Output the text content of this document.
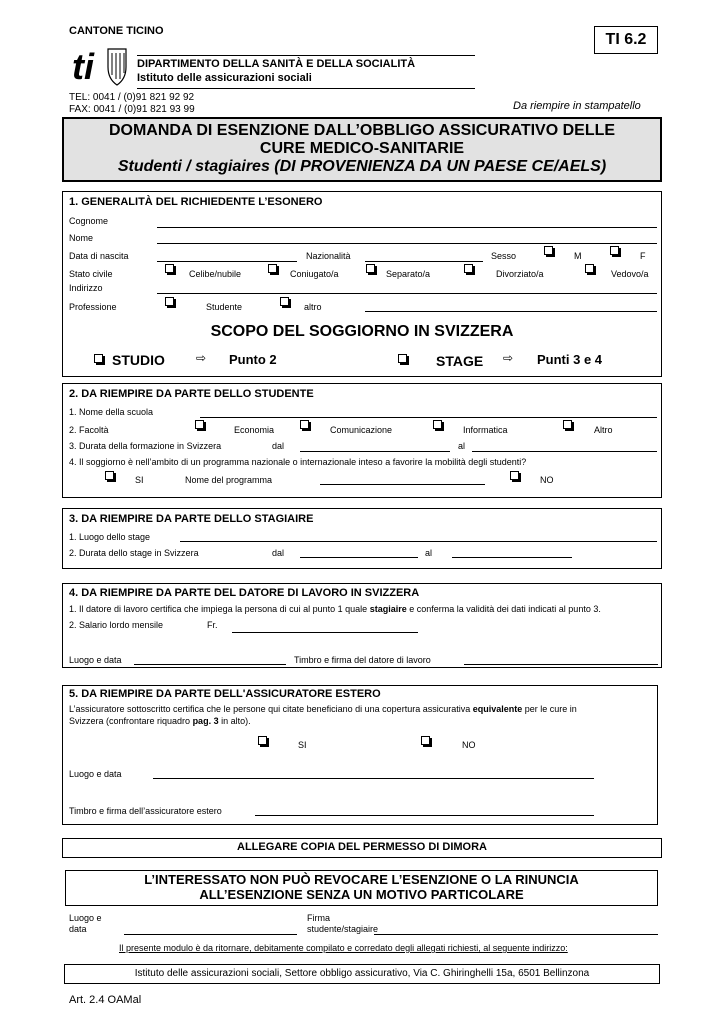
CANTONE TICINO	TI 6.2
ti	DIPARTIMENTO DELLA SANITÀ E DELLA SOCIALITÀ
Istituto delle assicurazioni sociali
TEL: 0041 / (0)91 821 92 92
FAX: 0041 / (0)91 821 93 99	Da riempire in stampatello
DOMANDA DI ESENZIONE DALL’OBBLIGO ASSICURATIVO DELLE
CURE MEDICO-SANITARIE
Studenti / stagiaires (DI PROVENIENZA DA UN PAESE CE/AELS)
1. GENERALITÀ DEL RICHIEDENTE L’ESONERO
Cognome
Nome
Data di nascita	Nazionalità	Sesso	M	F
Stato civile	Celibe/nubile	Coniugato/a	Separato/a	Divorziato/a	Vedovo/a
Indirizzo
Professione	Studente	altro
SCOPO DEL SOGGIORNO IN SVIZZERA
STUDIO	⇨ Punto 2	STAGE ⇨ Punti 3 e 4
2. DA RIEMPIRE DA PARTE DELLO STUDENTE
1. Nome della scuola
2. Facoltà	Economia	Comunicazione	Informatica	Altro
3. Durata della formazione in Svizzera	dal	al
4. Il soggiorno è nell’ambito di un programma nazionale o internazionale inteso a favorire la mobilità degli studenti?
SI	Nome del programma	NO
3. DA RIEMPIRE DA PARTE DELLO STAGIAIRE
1. Luogo dello stage
2. Durata dello stage in Svizzera	dal	al
4. DA RIEMPIRE DA PARTE DEL DATORE DI LAVORO IN SVIZZERA
1. Il datore di lavoro certifica che impiega la persona di cui al punto 1 quale stagiaire e conferma la validità dei dati indicati al punto 3.
2. Salario lordo mensile	Fr.
Luogo e data	Timbro e firma del datore di lavoro
5. DA RIEMPIRE DA PARTE DELL'ASSICURATORE ESTERO
L’assicuratore sottoscritto certifica che le persone qui citate beneficiano di una copertura assicurativa equivalente per le cure in
Svizzera (confrontare riquadro pag. 3 in alto).
SI	NO
Luogo e data
Timbro e firma dell’assicuratore estero
ALLEGARE COPIA DEL PERMESSO DI DIMORA
L’INTERESSATO NON PUÒ REVOCARE L’ESENZIONE O LA RINUNCIA
ALL’ESENZIONE SENZA UN MOTIVO PARTICOLARE
Luogo e
data
Firma
studente/stagiaire
Il presente modulo è da ritornare, debitamente compilato e corredato degli allegati richiesti, al seguente indirizzo:
Istituto delle assicurazioni sociali, Settore obbligo assicurativo, Via C. Ghiringhelli 15a, 6501 Bellinzona
Art. 2.4 OAMal
